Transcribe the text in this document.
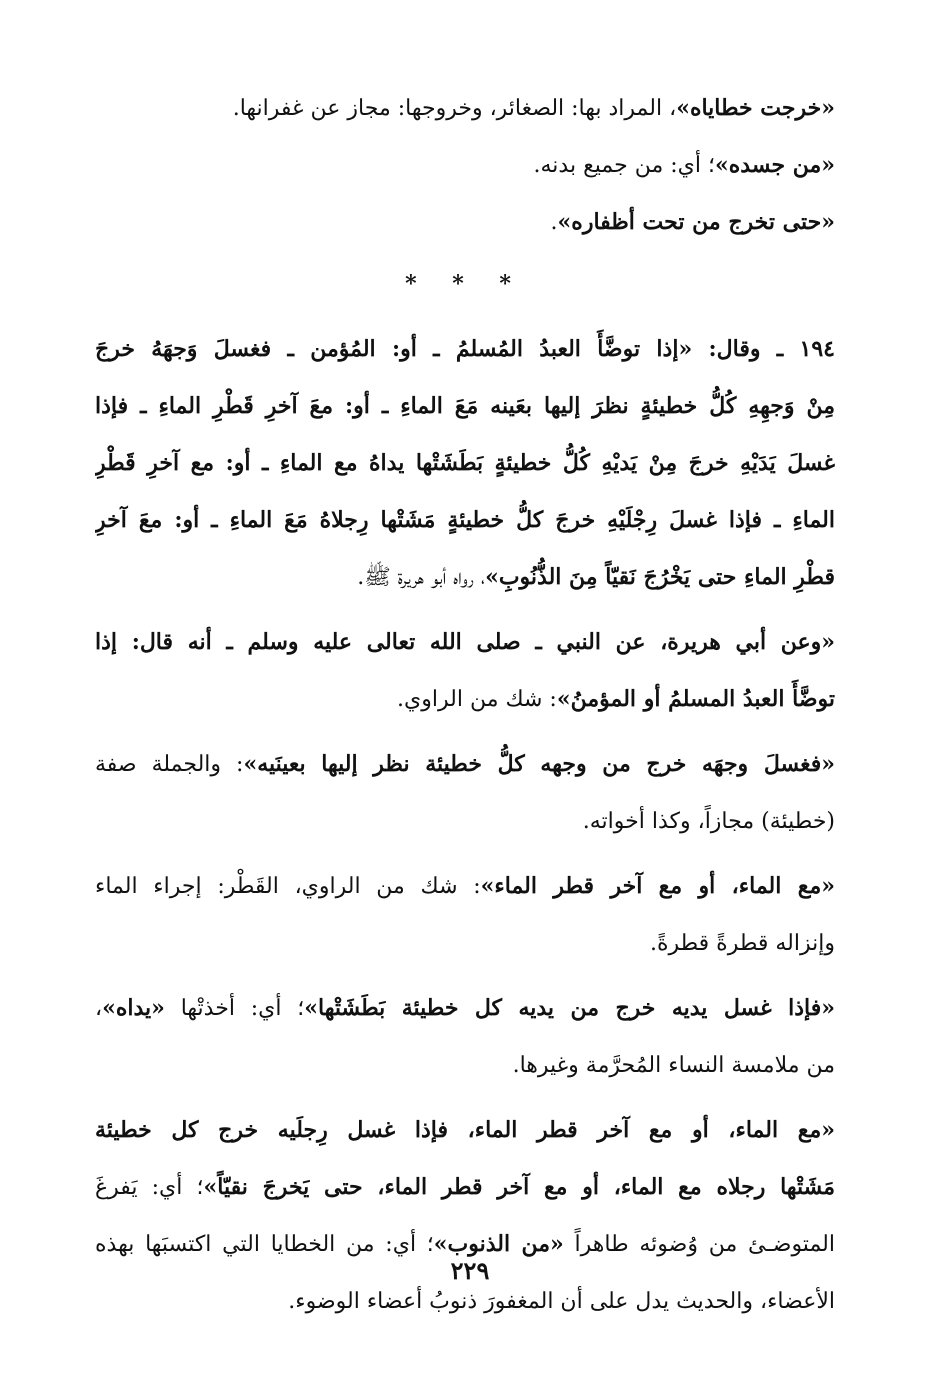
«خرجت خطاياه»، المراد بها: الصغائر، وخروجها: مجاز عن غفرانها.
«من جسده»؛ أي: من جميع بدنه.
«حتى تخرج من تحت أظفاره».
* * *
١٩٤ ـ وقال: «إذا توضَّأَ العبدُ المُسلمُ ـ أو: المُؤمن ـ فغسلَ وَجهَهُ خرجَ
مِنْ وَجهِهِ كُلُّ خطيئةٍ نظرَ إليها بعَينه مَعَ الماءِ ـ أو: معَ آخرِ قَطْرِ الماءِ ـ فإذا
غسلَ يَدَيْهِ خرجَ مِنْ يَديْهِ كُلُّ خطيئةٍ بَطَشَتْها يداهُ مع الماءِ ـ أو: مع آخرِ قَطْرِ
الماءِ ـ فإذا غسلَ رِجْلَيْهِ خرجَ كلُّ خطيئةٍ مَشَتْها رِجلاهُ مَعَ الماءِ ـ أو: معَ آخرِ
قطْرِ الماءِ حتى يَخْرُجَ نَقيّاً مِنَ الذُّنُوبِ»، رواه أبو هريرة ﷺ.
«وعن أبي هريرة، عن النبي ـ صلى الله تعالى عليه وسلم ـ أنه قال: إذا
توضَّأَ العبدُ المسلمُ أو المؤمنُ»: شك من الراوي.
«فغسلَ وجهَه خرج من وجهه كلُّ خطيئة نظر إليها بعينَيه»: والجملة صفة
(خطيئة) مجازاً، وكذا أخواته.
«مع الماء، أو مع آخر قطر الماء»: شك من الراوي، القَطْر: إجراء الماء
وإنزاله قطرةً قطرةً.
«فإذا غسل يديه خرج من يديه كل خطيئة بَطَشَتْها»؛ أي: أخذتْها «يداه»،
من ملامسة النساء المُحرَّمة وغيرها.
«مع الماء، أو مع آخر قطر الماء، فإذا غسل رِجلَيه خرج كل خطيئة
مَشَتْها رجلاه مع الماء، أو مع آخر قطر الماء، حتى يَخرجَ نقيّاً»؛ أي: يَفرغَ
المتوضـئ من وُضوئه طاهراً «من الذنوب»؛ أي: من الخطايا التي اكتسبَها بهذه
الأعضاء، والحديث يدل على أن المغفورَ ذنوبُ أعضاء الوضوء.
٢٢٩
